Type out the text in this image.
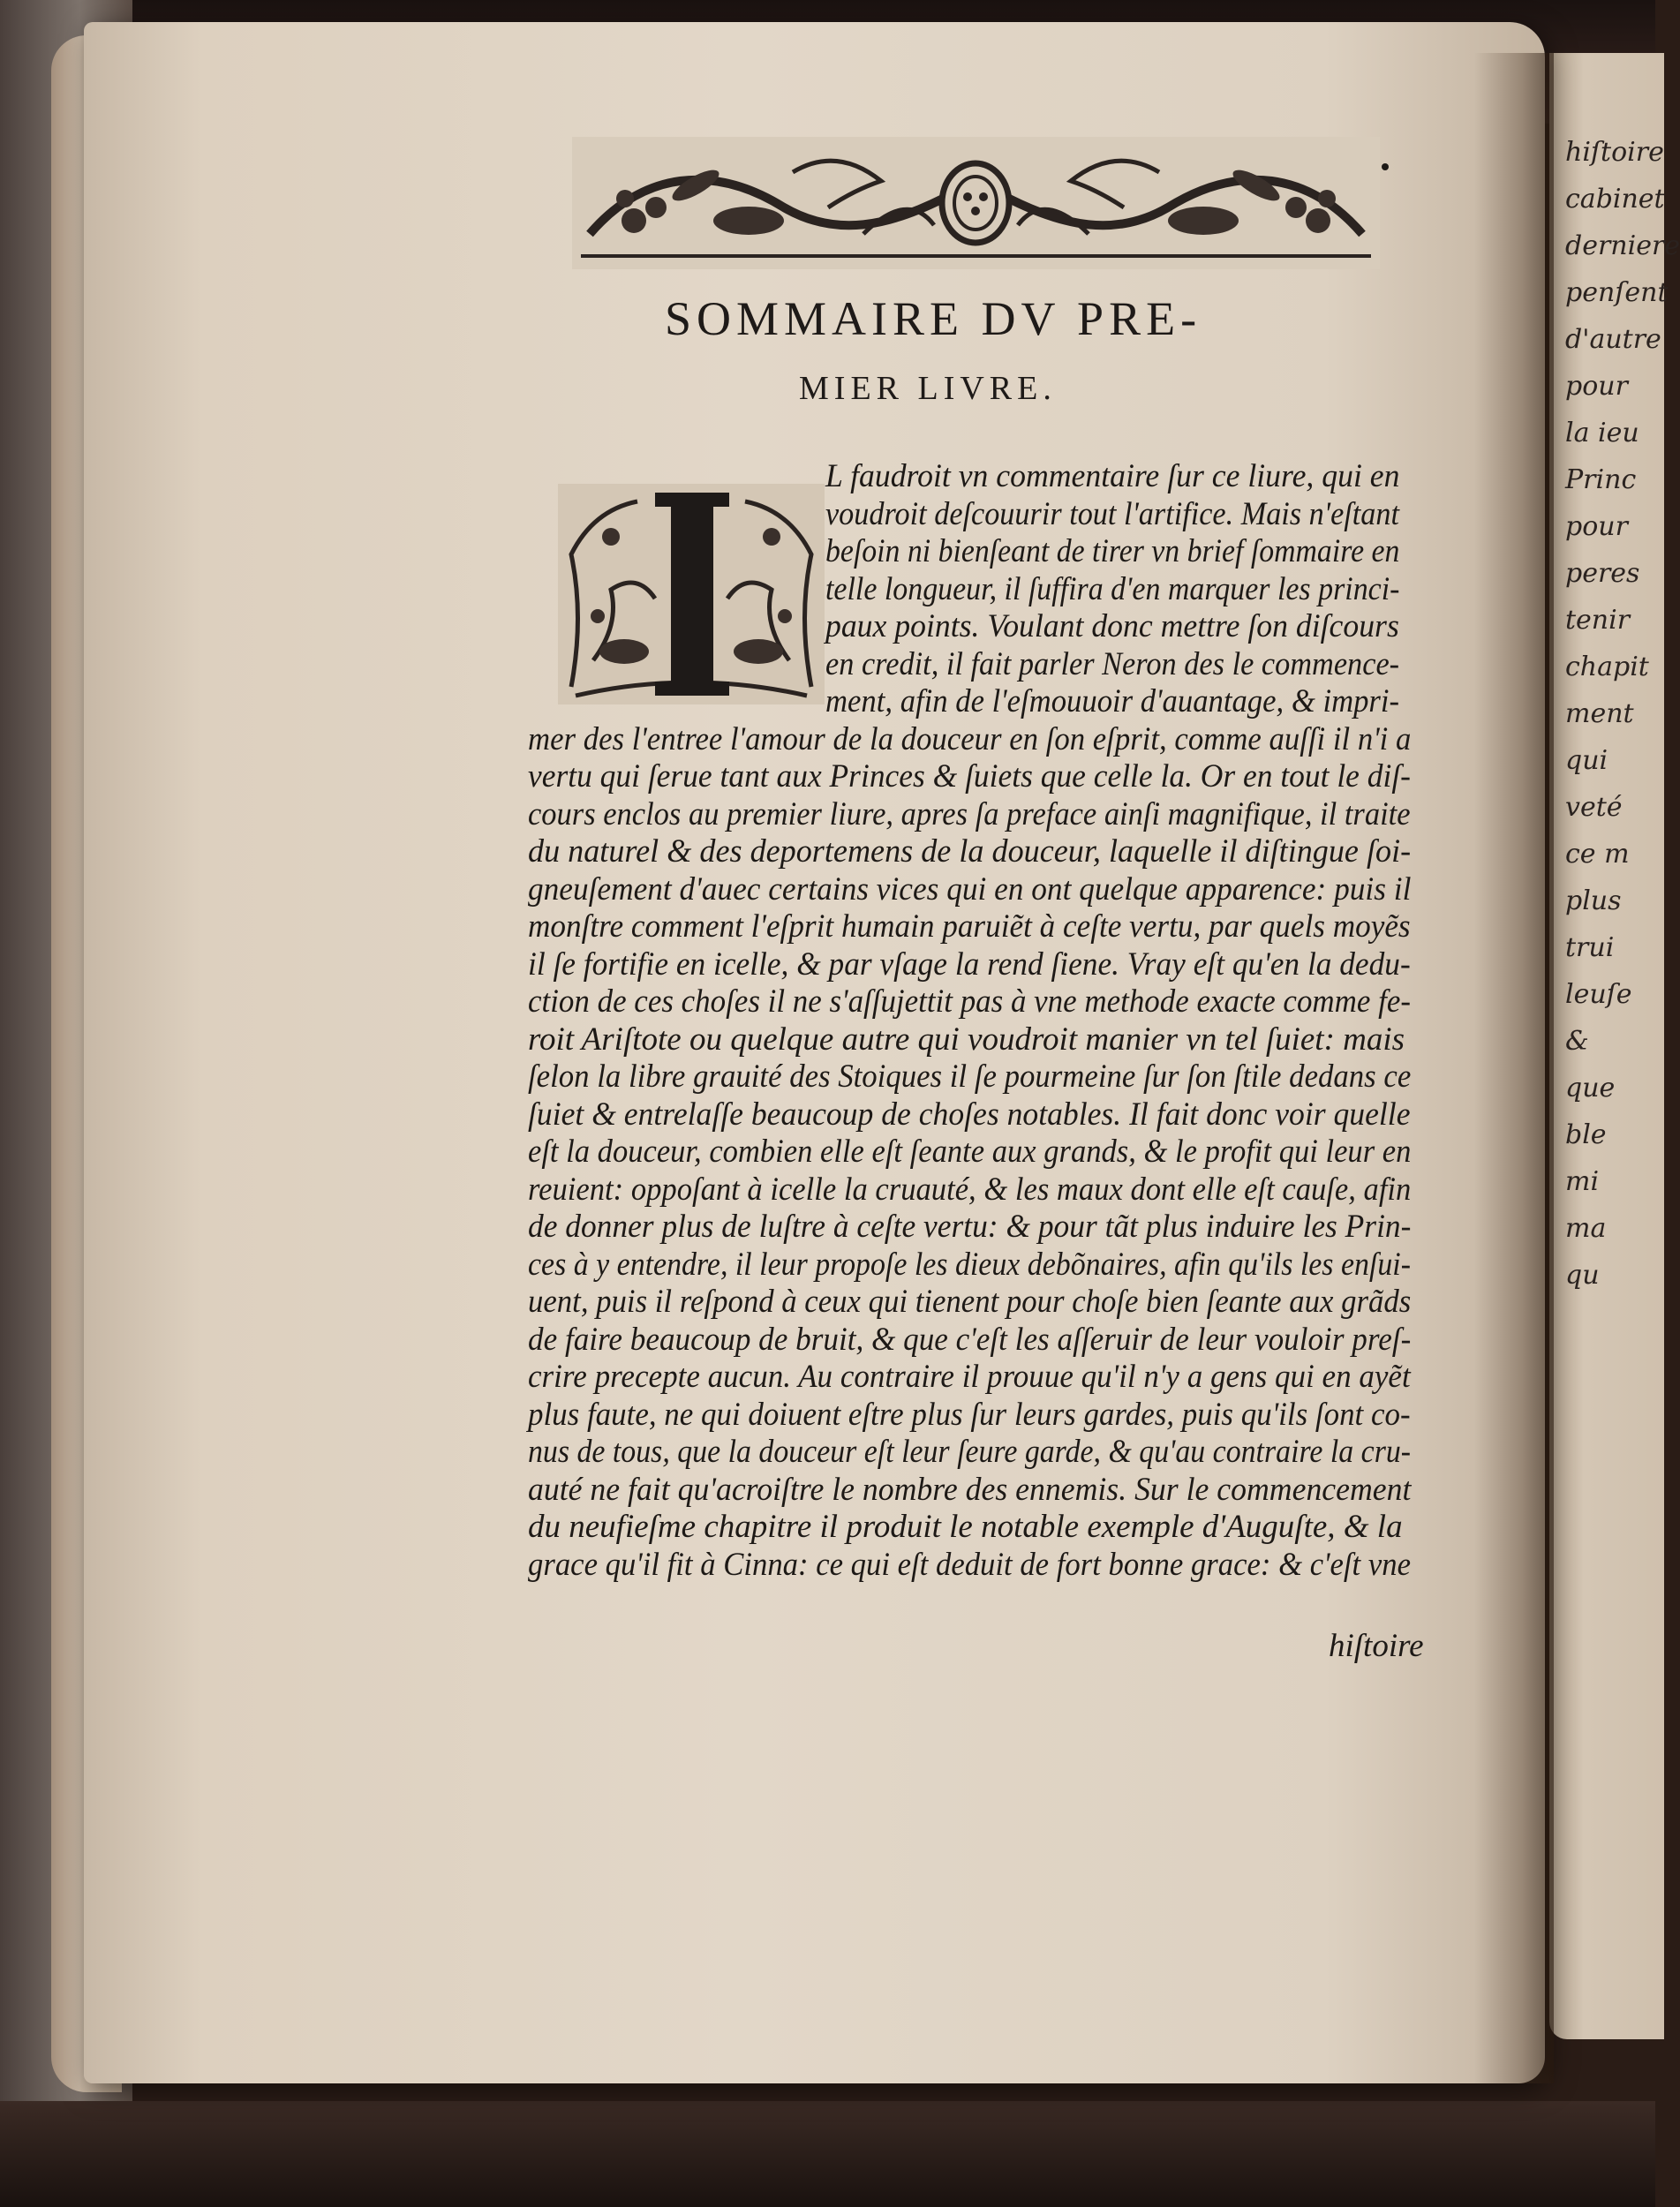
hiſtoire
cabinet
derniere
penſent
d'autre
pour
la ieu
Princ
pour
peres
tenir
chapit
ment
qui
veté
ce m
plus
trui
leuſe
&
que
ble
mi
ma
qu
SOMMAIRE DV PRE-
MIER LIVRE.
L faudroit vn commentaire ſur ce liure, qui en
voudroit deſcouurir tout l'artifice. Mais n'eſtant
beſoin ni bienſeant de tirer vn brief ſommaire en
telle longueur, il ſuffira d'en marquer les princi-
paux points. Voulant donc mettre ſon diſcours
en credit, il fait parler Neron des le commence-
ment, afin de l'eſmouuoir d'auantage, & impri-
mer des l'entree l'amour de la douceur en ſon eſprit, comme auſſi il n'i a
vertu qui ſerue tant aux Princes & ſuiets que celle la. Or en tout le diſ-
cours enclos au premier liure, apres ſa preface ainſi magnifique, il traite
du naturel & des deportemens de la douceur, laquelle il diſtingue ſoi-
gneuſement d'auec certains vices qui en ont quelque apparence: puis il
monſtre comment l'eſprit humain paruiẽt à ceſte vertu, par quels moyẽs
il ſe fortifie en icelle, & par vſage la rend ſiene. Vray eſt qu'en la dedu-
ction de ces choſes il ne s'aſſujettit pas à vne methode exacte comme fe-
roit Ariſtote ou quelque autre qui voudroit manier vn tel ſuiet: mais
ſelon la libre grauité des Stoiques il ſe pourmeine ſur ſon ſtile dedans ce
ſuiet & entrelaſſe beaucoup de choſes notables. Il fait donc voir quelle
eſt la douceur, combien elle eſt ſeante aux grands, & le profit qui leur en
reuient: oppoſant à icelle la cruauté, & les maux dont elle eſt cauſe, afin
de donner plus de luſtre à ceſte vertu: & pour tãt plus induire les Prin-
ces à y entendre, il leur propoſe les dieux debõnaires, afin qu'ils les enſui-
uent, puis il reſpond à ceux qui tienent pour choſe bien ſeante aux grãds
de faire beaucoup de bruit, & que c'eſt les aſſeruir de leur vouloir preſ-
crire precepte aucun. Au contraire il prouue qu'il n'y a gens qui en ayẽt
plus faute, ne qui doiuent eſtre plus ſur leurs gardes, puis qu'ils ſont co-
nus de tous, que la douceur eſt leur ſeure garde, & qu'au contraire la cru-
auté ne fait qu'acroiſtre le nombre des ennemis. Sur le commencement
du neufieſme chapitre il produit le notable exemple d'Auguſte, & la
grace qu'il fit à Cinna: ce qui eſt deduit de fort bonne grace: & c'eſt vne
hiſtoire
